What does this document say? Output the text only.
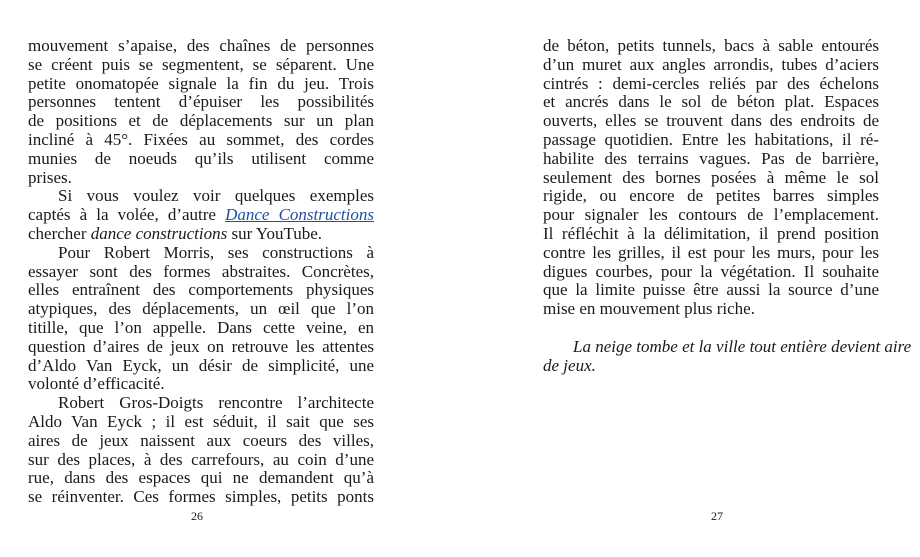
mouvement s’apaise, des chaînes de personnes
se créent puis se segmentent, se séparent. Une
petite onomatopée signale la fin du jeu. Trois
personnes tentent d’épuiser les possibilités
de positions et de déplacements sur un plan
incliné à 45°. Fixées au sommet, des cordes
munies de noeuds qu’ils utilisent comme
prises.
Si vous voulez voir quelques exemples
captés à la volée, d’autre Dance Constructions
chercher dance constructions sur YouTube.
Pour Robert Morris, ses constructions à
essayer sont des formes abstraites. Concrètes,
elles entraînent des comportements physiques
atypiques, des déplacements, un œil que l’on
titille, que l’on appelle. Dans cette veine, en
question d’aires de jeux on retrouve les attentes
d’Aldo Van Eyck, un désir de simplicité, une
volonté d’efficacité.
Robert Gros-Doigts rencontre l’architecte
Aldo Van Eyck ; il est séduit, il sait que ses
aires de jeux naissent aux coeurs des villes,
sur des places, à des carrefours, au coin d’une
rue, dans des espaces qui ne demandent qu’à
se réinventer. Ces formes simples, petits ponts
de béton, petits tunnels, bacs à sable entourés
d’un muret aux angles arrondis, tubes d’aciers
cintrés : demi-cercles reliés par des échelons
et ancrés dans le sol de béton plat. Espaces
ouverts, elles se trouvent dans des endroits de
passage quotidien. Entre les habitations, il ré-
habilite des terrains vagues. Pas de barrière,
seulement des bornes posées à même le sol
rigide, ou encore de petites barres simples
pour signaler les contours de l’emplacement.
Il réfléchit à la délimitation, il prend position
contre les grilles, il est pour les murs, pour les
digues courbes, pour la végétation. Il souhaite
que la limite puisse être aussi la source d’une
mise en mouvement plus riche.
La neige tombe et la ville tout entière devient aire
de jeux.
26	27
